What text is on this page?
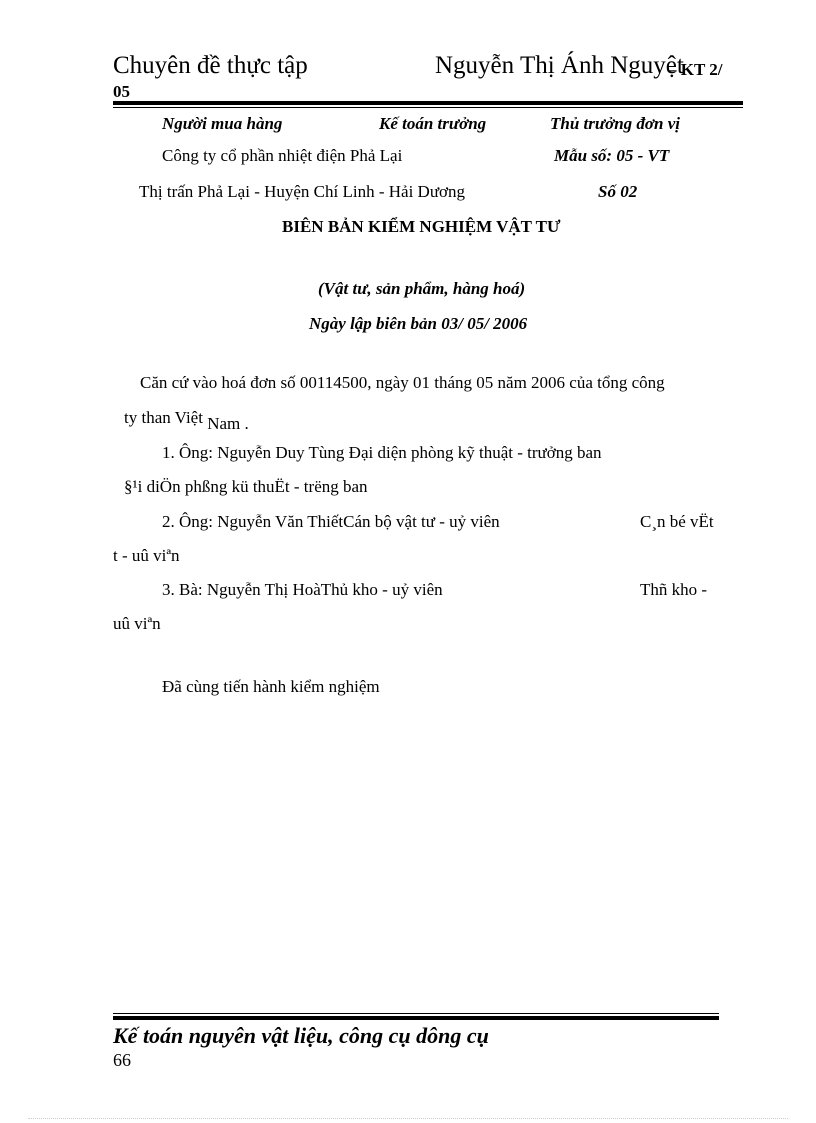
Chuyên đề thực tập	Nguyễn Thị Ánh Nguyệt
– KT 2/
05
Người mua hàng	Kế toán trưởng	Thủ trưởng đơn vị
Công ty cổ phần nhiệt điện Phả Lại	Mẫu số: 05 - VT
Thị trấn Phả Lại - Huyện Chí Linh - Hải Dương	Số 02
BIÊN BẢN KIỂM NGHIỆM VẬT TƯ
(Vật tư, sản phẩm, hàng hoá)
Ngày lập biên bản 03/ 05/ 2006
Căn cứ vào hoá đơn số 00114500, ngày 01 tháng 05 năm 2006 của tổng công
ty than Việt Nam .
1. Ông: Nguyễn Duy Tùng Đại diện phòng kỹ thuật - trưởng ban
§¹i diÖn phßng kü thuËt - trëng ban
2. Ông: Nguyễn Văn ThiếtCán bộ vật tư - uỷ viên	C¸n bé vËt
t - uû viªn
3. Bà: Nguyễn Thị HoàThủ kho - uỷ viên	Thñ kho -
uû viªn
Đã cùng tiến hành kiểm nghiệm
Kế toán nguyên vật liệu, công cụ dông cụ
66
